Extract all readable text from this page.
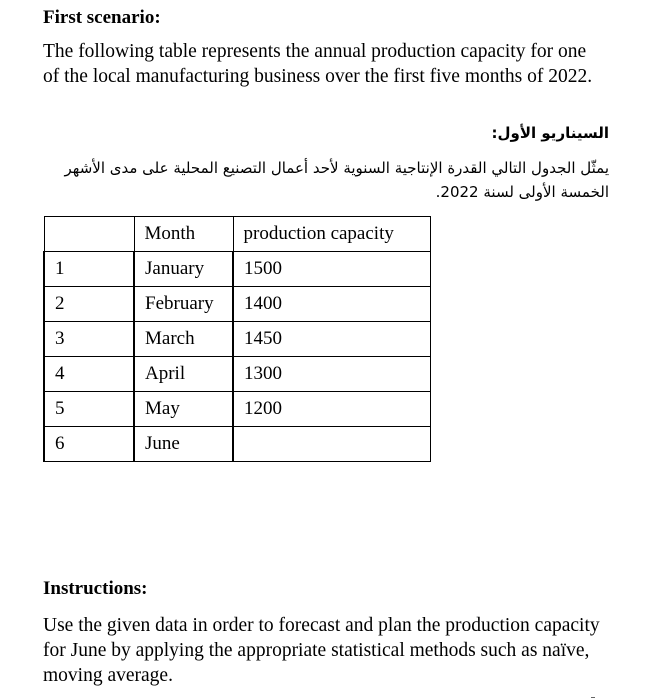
First scenario:
The following table represents the annual production capacity for one of the local manufacturing business over the first five months of 2022.
السيناريو الأول:
يمثّل الجدول التالي القدرة الإنتاجية السنوية لأحد أعمال التصنيع المحلية على مدى الأشهر الخمسة الأولى لسنة 2022.
	Month	production capacity
1	January	1500
2	February	1400
3	March	1450
4	April	1300
5	May	1200
6	June	
Instructions:
Use the given data in order to forecast and plan the production capacity for June by applying the appropriate statistical methods such as naïve, moving average.
